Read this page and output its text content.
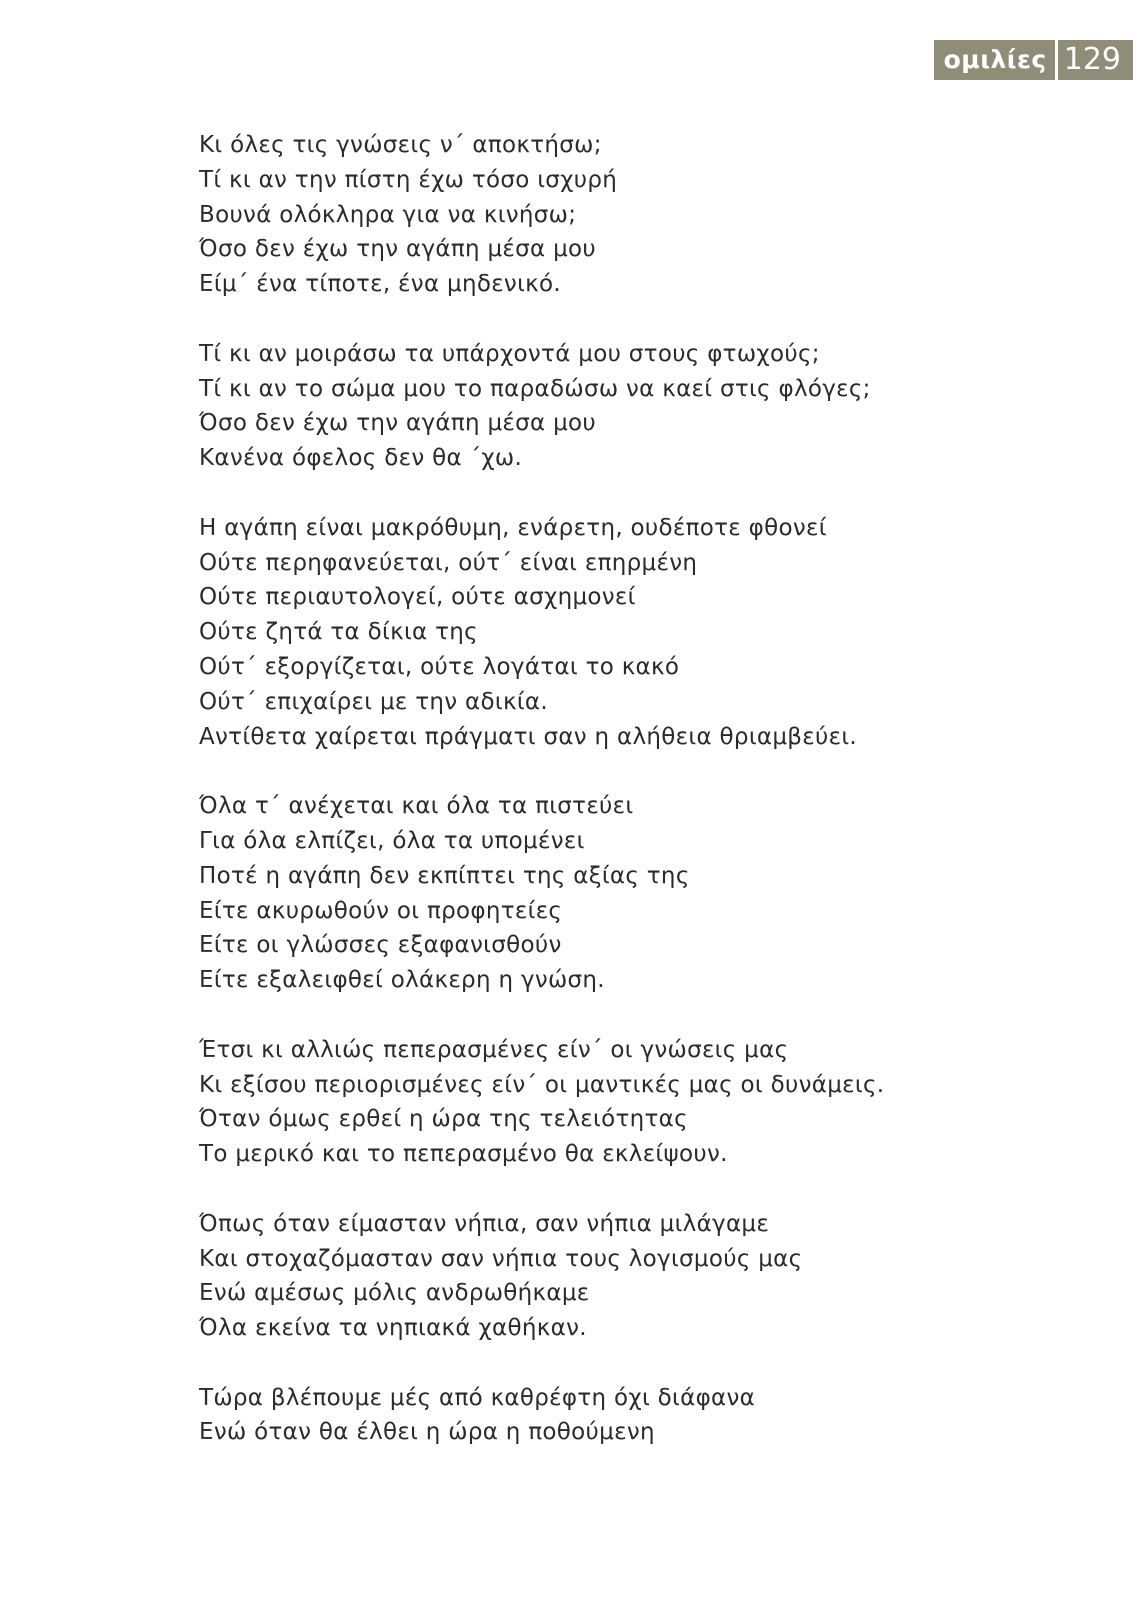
ομιλίες 129
Κι όλες τις γνώσεις ν΄ αποκτήσω;
Τί κι αν την πίστη έχω τόσο ισχυρή
Βουνά ολόκληρα για να κινήσω;
Όσο δεν έχω την αγάπη μέσα μου
Είμ΄ ένα τίποτε, ένα μηδενικό.
Τί κι αν μοιράσω τα υπάρχοντά μου στους φτωχούς;
Τί κι αν το σώμα μου το παραδώσω να καεί στις φλόγες;
Όσο δεν έχω την αγάπη μέσα μου
Κανένα όφελος δεν θα ΄χω.
Η αγάπη είναι μακρόθυμη, ενάρετη, ουδέποτε φθονεί
Ούτε περηφανεύεται, ούτ΄ είναι επηρμένη
Ούτε περιαυτολογεί, ούτε ασχημονεί
Ούτε ζητά τα δίκια της
Ούτ΄ εξοργίζεται, ούτε λογάται το κακό
Ούτ΄ επιχαίρει με την αδικία.
Αντίθετα χαίρεται πράγματι σαν η αλήθεια θριαμβεύει.
Όλα τ΄ ανέχεται και όλα τα πιστεύει
Για όλα ελπίζει, όλα τα υπομένει
Ποτέ η αγάπη δεν εκπίπτει της αξίας της
Είτε ακυρωθούν οι προφητείες
Είτε οι γλώσσες εξαφανισθούν
Είτε εξαλειφθεί ολάκερη η γνώση.
Έτσι κι αλλιώς πεπερασμένες είν΄ οι γνώσεις μας
Κι εξίσου περιορισμένες είν΄ οι μαντικές μας οι δυνάμεις.
Όταν όμως ερθεί η ώρα της τελειότητας
Το μερικό και το πεπερασμένο θα εκλείψουν.
Όπως όταν είμασταν νήπια, σαν νήπια μιλάγαμε
Και στοχαζόμασταν σαν νήπια τους λογισμούς μας
Ενώ αμέσως μόλις ανδρωθήκαμε
Όλα εκείνα τα νηπιακά χαθήκαν.
Τώρα βλέπουμε μές από καθρέφτη όχι διάφανα
Ενώ όταν θα έλθει η ώρα η ποθούμενη
